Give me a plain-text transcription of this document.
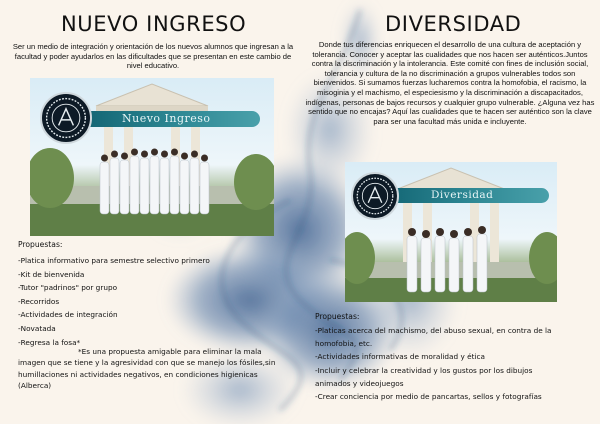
NUEVO INGRESO

Ser un medio de integración y orientación de los nuevos alumnos que ingresan a la facultad y poder ayudarlos en las dificultades que se presentan en este cambio de nivel educativo.

Nuevo Ingreso
Propuestas:
-Platica informativo para semestre selectivo primero
-Kit de bienvenida
-Tutor "padrinos" por grupo
-Recorridos
-Actividades de integración
-Novatada
-Regresa la fosa*

*Es una propuesta amigable para eliminar la mala imagen que se tiene y la agresividad con que se manejo los fósiles,sin humillaciones ni actividades negativos, en condiciones higienicas (Alberca)

DIVERSIDAD

Donde tus diferencias enriquecen el desarrollo de una cultura de aceptación y tolerancia. Conocer y aceptar las cualidades que nos hacen ser auténticos.Juntos contra la discriminación y la intolerancia. Este comité con fines de inclusión social, tolerancia y cultura de la no discriminación a grupos vulnerables todos son bienvenidos. Si sumamos fuerzas lucharemos contra la homofobia, el racismo, la misoginia y el machismo, el especiesismo y la discriminación a discapacitados, indígenas, personas de bajos recursos y cualquier grupo vulnerable. ¿Alguna vez has sentido que no encajas? Aquí las cualidades que te hacen ser auténtico son la clave para ser una facultad más unida e incluyente.

Diversidad
Propuestas:
-Platicas acerca del machismo, del abuso sexual, en contra de la
homofobia, etc.
-Actividades informativas de moralidad y ética
-Incluir y celebrar la creatividad y los gustos por los dibujos
animados y videojuegos
-Crear conciencia por medio de pancartas, sellos y fotografías
